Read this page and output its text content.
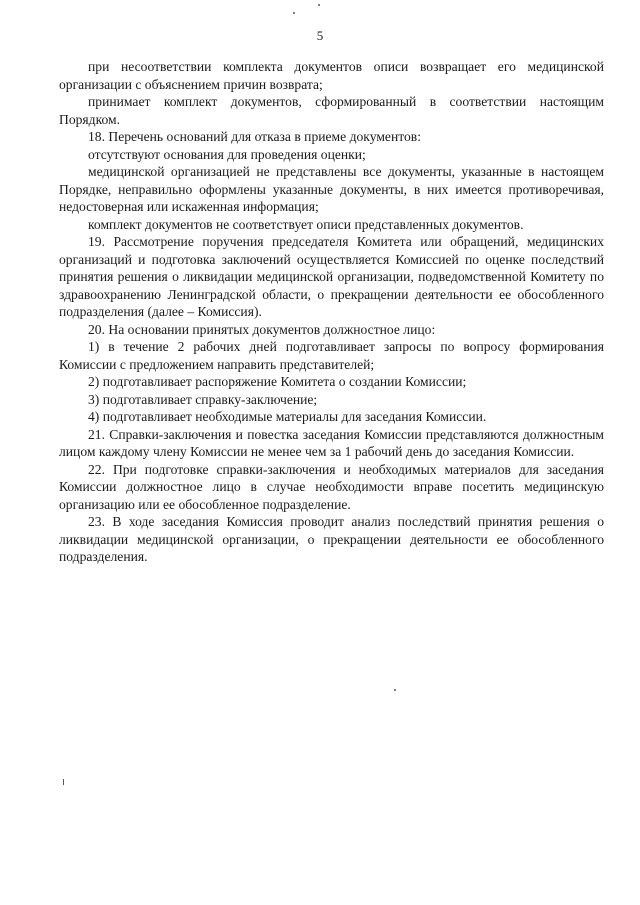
5

при несоответствии комплекта документов описи возвращает его медицинской организации с объяснением причин возврата;

принимает комплект документов, сформированный в соответствии настоящим Порядком.

18. Перечень оснований для отказа в приеме документов:

отсутствуют основания для проведения оценки;

медицинской организацией не представлены все документы, указанные в настоящем Порядке, неправильно оформлены указанные документы, в них имеется противоречивая, недостоверная или искаженная информация;

комплект документов не соответствует описи представленных документов.

19. Рассмотрение поручения председателя Комитета или обращений, медицинских организаций и подготовка заключений осуществляется Комиссией по оценке последствий принятия решения о ликвидации медицинской организации, подведомственной Комитету по здравоохранению Ленинградской области, о прекращении деятельности ее обособленного подразделения (далее – Комиссия).

20. На основании принятых документов должностное лицо:

1) в течение 2 рабочих дней подготавливает запросы по вопросу формирования Комиссии с предложением направить представителей;

2) подготавливает распоряжение Комитета о создании Комиссии;

3) подготавливает справку-заключение;

4) подготавливает необходимые материалы для заседания Комиссии.

21. Справки-заключения и повестка заседания Комиссии представляются должностным лицом каждому члену Комиссии не менее чем за 1 рабочий день до заседания Комиссии.

22. При подготовке справки-заключения и необходимых материалов для заседания Комиссии должностное лицо в случае необходимости вправе посетить медицинскую организацию или ее обособленное подразделение.

23. В ходе заседания Комиссия проводит анализ последствий принятия решения о ликвидации медицинской организации, о прекращении деятельности ее обособленного подразделения.
